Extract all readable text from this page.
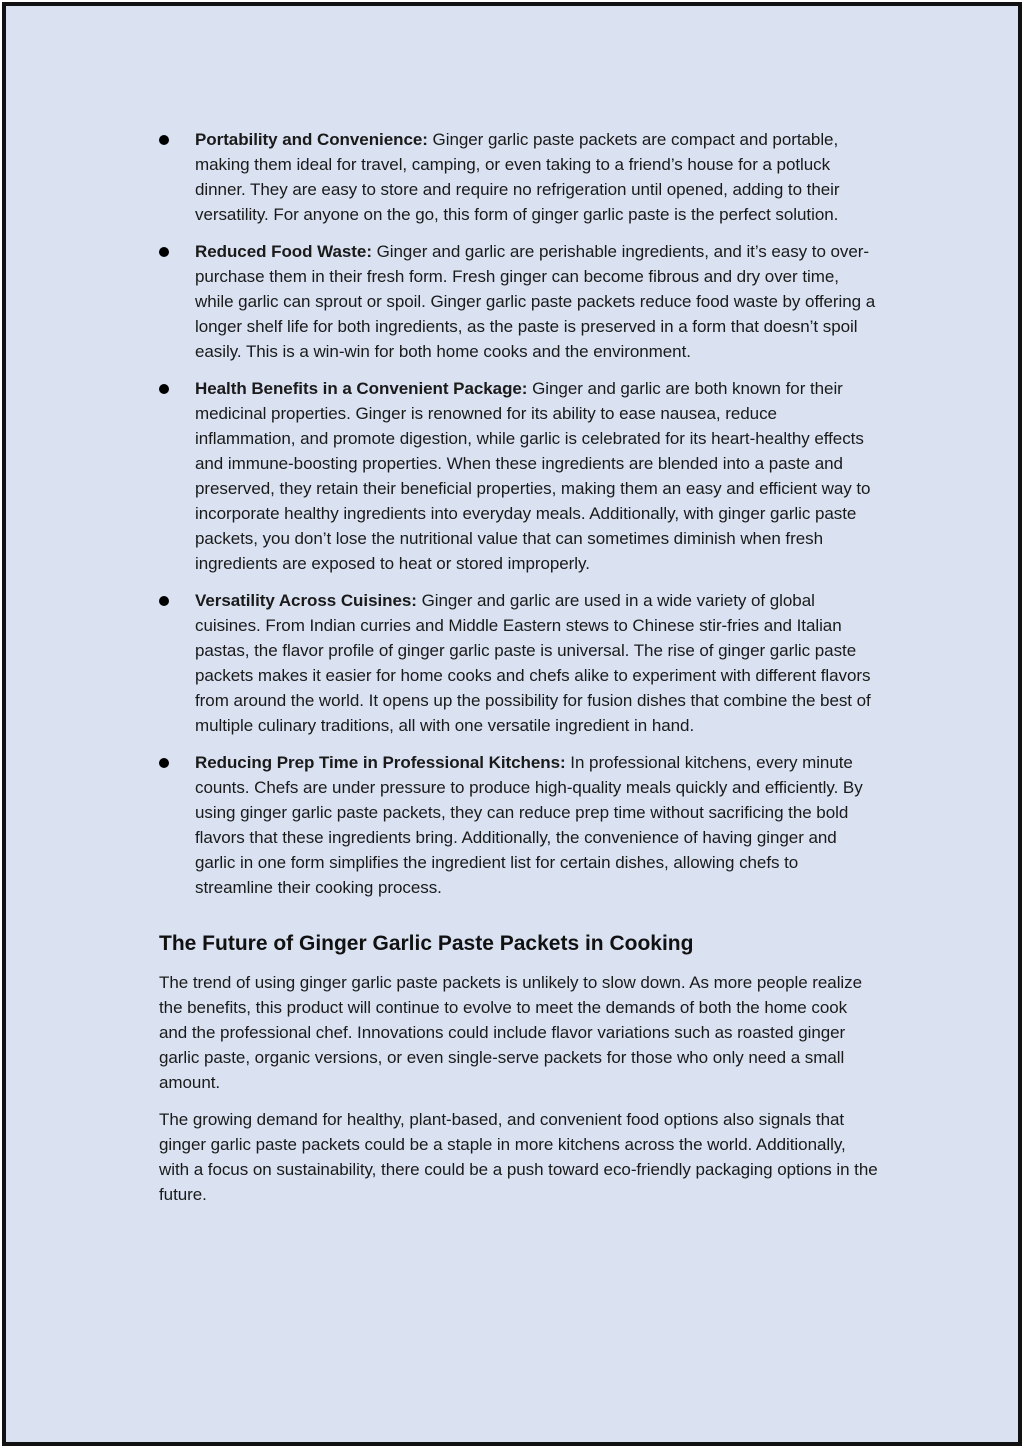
Portability and Convenience: Ginger garlic paste packets are compact and portable, making them ideal for travel, camping, or even taking to a friend’s house for a potluck dinner. They are easy to store and require no refrigeration until opened, adding to their versatility. For anyone on the go, this form of ginger garlic paste is the perfect solution.
Reduced Food Waste: Ginger and garlic are perishable ingredients, and it’s easy to over-purchase them in their fresh form. Fresh ginger can become fibrous and dry over time, while garlic can sprout or spoil. Ginger garlic paste packets reduce food waste by offering a longer shelf life for both ingredients, as the paste is preserved in a form that doesn’t spoil easily. This is a win-win for both home cooks and the environment.
Health Benefits in a Convenient Package: Ginger and garlic are both known for their medicinal properties. Ginger is renowned for its ability to ease nausea, reduce inflammation, and promote digestion, while garlic is celebrated for its heart-healthy effects and immune-boosting properties. When these ingredients are blended into a paste and preserved, they retain their beneficial properties, making them an easy and efficient way to incorporate healthy ingredients into everyday meals. Additionally, with ginger garlic paste packets, you don’t lose the nutritional value that can sometimes diminish when fresh ingredients are exposed to heat or stored improperly.
Versatility Across Cuisines: Ginger and garlic are used in a wide variety of global cuisines. From Indian curries and Middle Eastern stews to Chinese stir-fries and Italian pastas, the flavor profile of ginger garlic paste is universal. The rise of ginger garlic paste packets makes it easier for home cooks and chefs alike to experiment with different flavors from around the world. It opens up the possibility for fusion dishes that combine the best of multiple culinary traditions, all with one versatile ingredient in hand.
Reducing Prep Time in Professional Kitchens: In professional kitchens, every minute counts. Chefs are under pressure to produce high-quality meals quickly and efficiently. By using ginger garlic paste packets, they can reduce prep time without sacrificing the bold flavors that these ingredients bring. Additionally, the convenience of having ginger and garlic in one form simplifies the ingredient list for certain dishes, allowing chefs to streamline their cooking process.
The Future of Ginger Garlic Paste Packets in Cooking

The trend of using ginger garlic paste packets is unlikely to slow down. As more people realize the benefits, this product will continue to evolve to meet the demands of both the home cook and the professional chef. Innovations could include flavor variations such as roasted ginger garlic paste, organic versions, or even single-serve packets for those who only need a small amount.

The growing demand for healthy, plant-based, and convenient food options also signals that ginger garlic paste packets could be a staple in more kitchens across the world. Additionally, with a focus on sustainability, there could be a push toward eco-friendly packaging options in the future.
